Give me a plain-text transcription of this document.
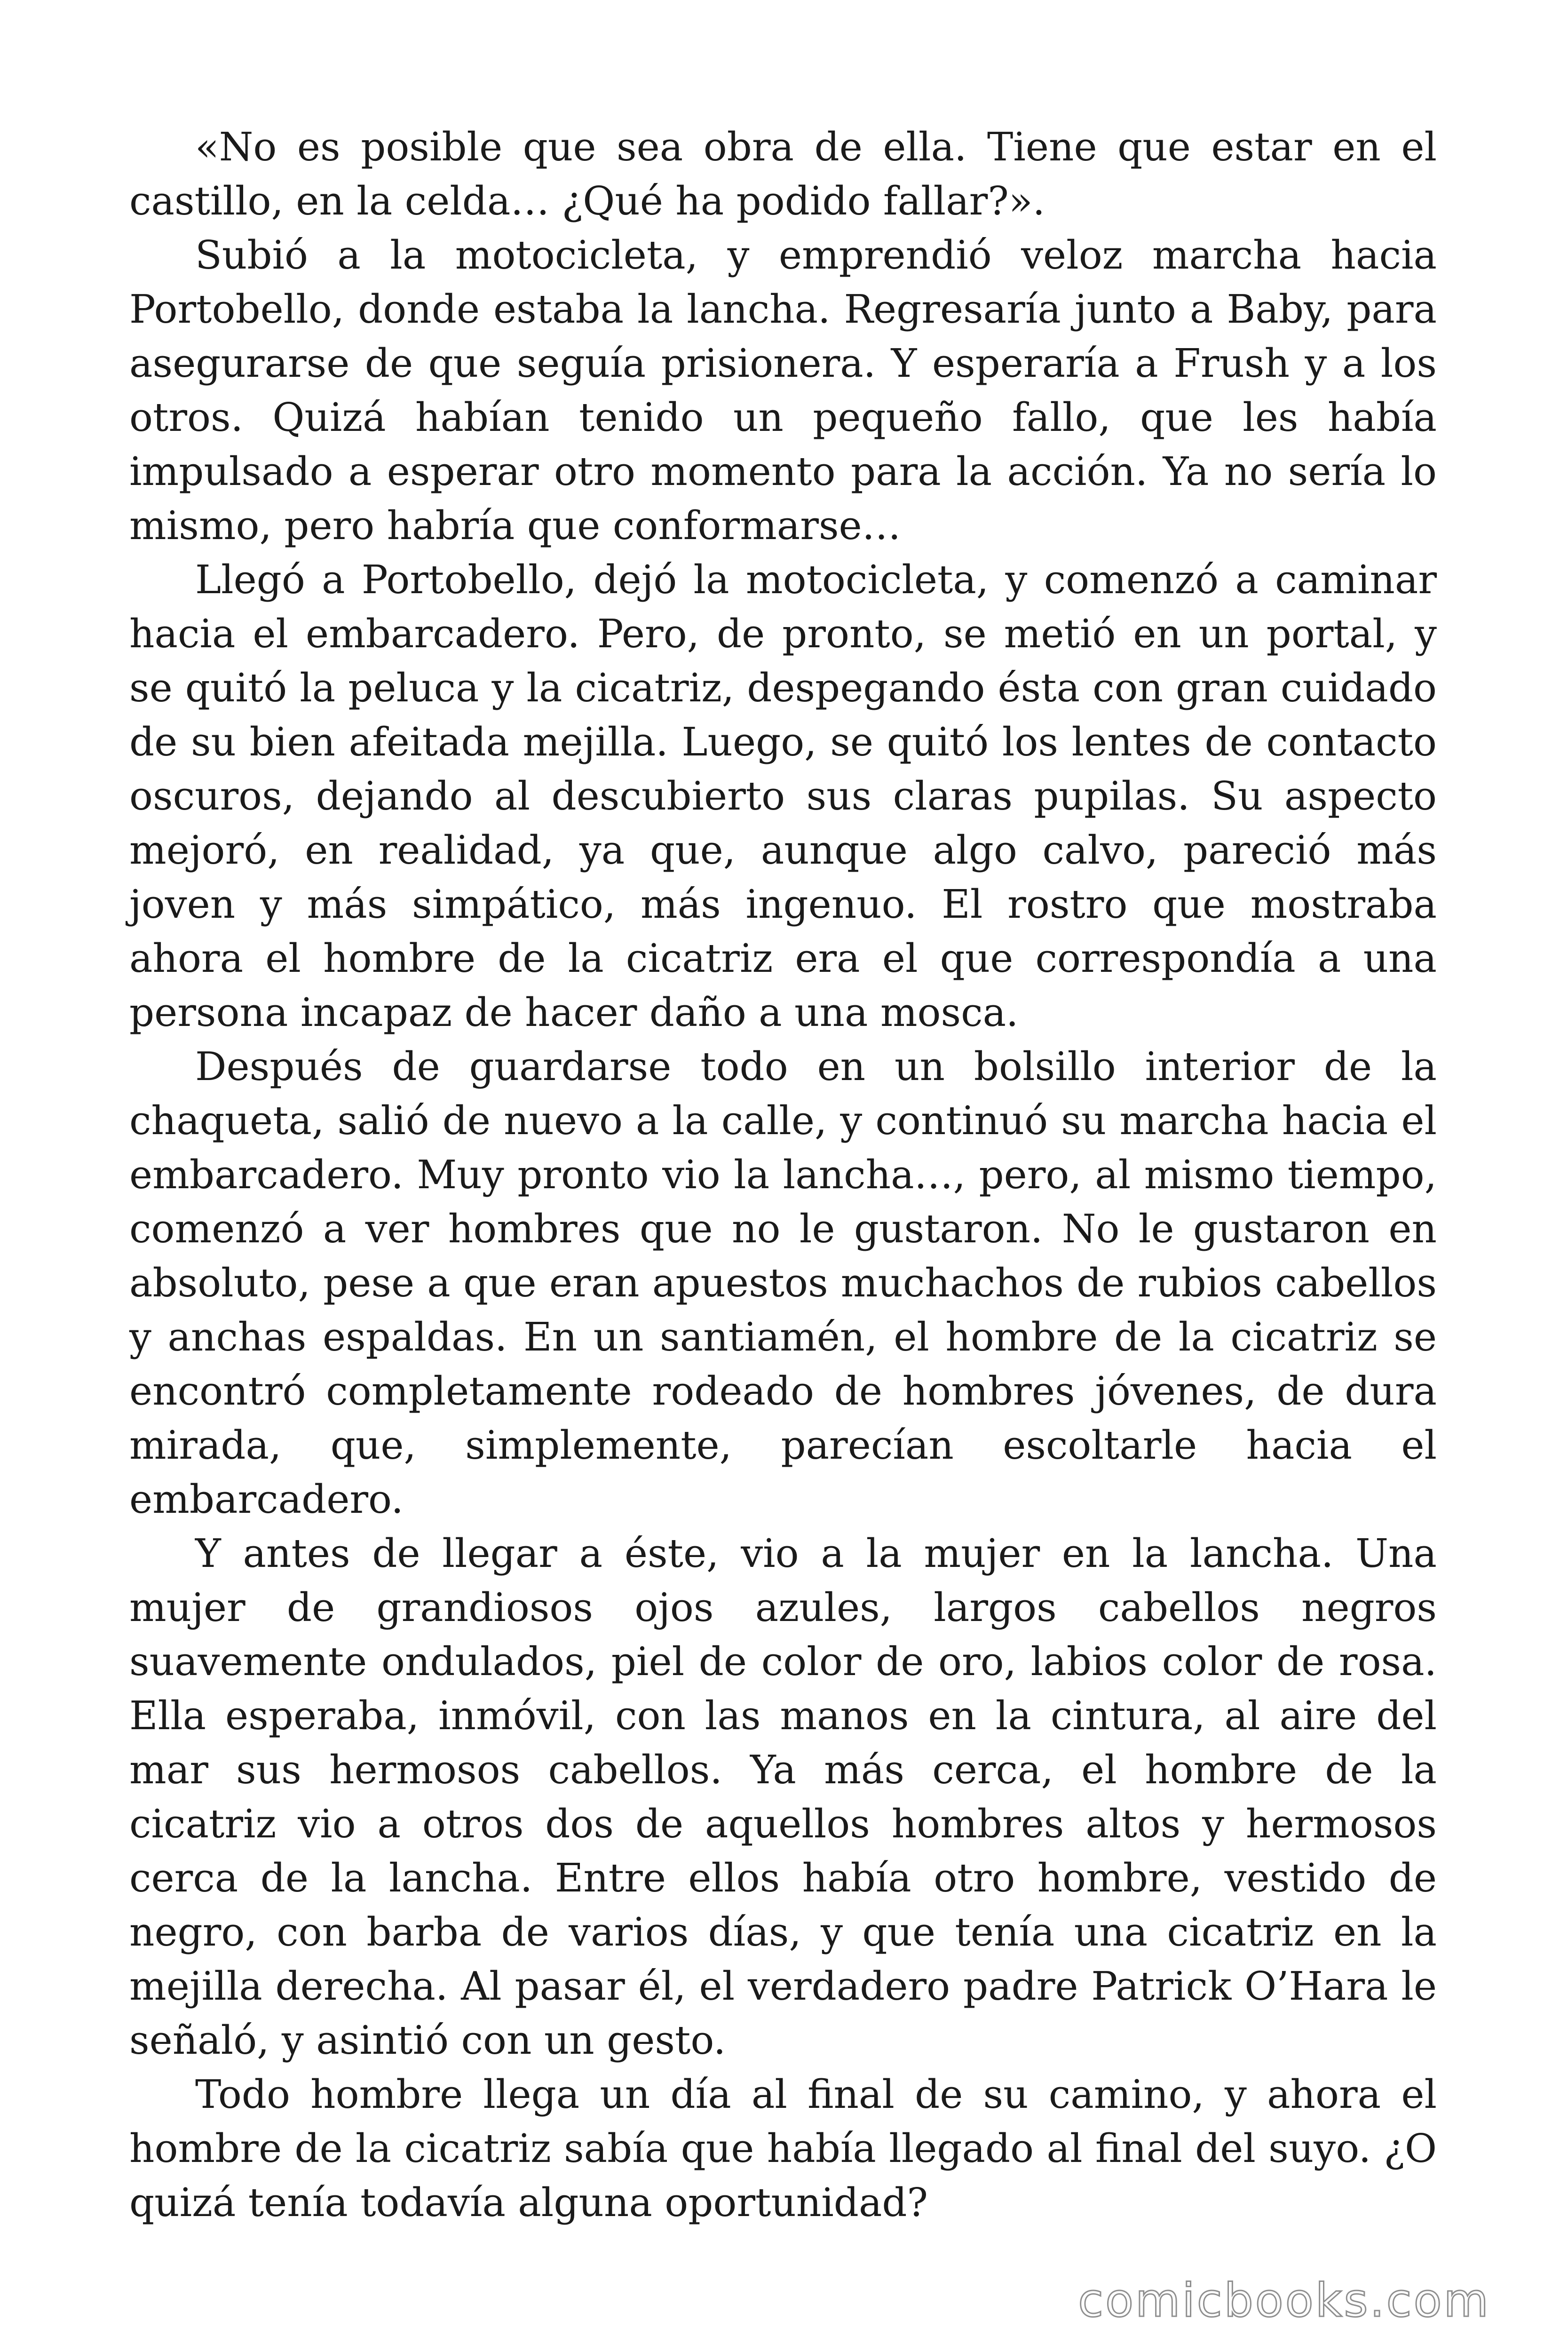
«No es posible que sea obra de ella. Tiene que estar en el castillo, en la celda… ¿Qué ha podido fallar?».

Subió a la motocicleta, y emprendió veloz marcha hacia Portobello, donde estaba la lancha. Regresaría junto a Baby, para asegurarse de que seguía prisionera. Y esperaría a Frush y a los otros. Quizá habían tenido un pequeño fallo, que les había impulsado a esperar otro momento para la acción. Ya no sería lo mismo, pero habría que conformarse…

Llegó a Portobello, dejó la motocicleta, y comenzó a caminar hacia el embarcadero. Pero, de pronto, se metió en un portal, y se quitó la peluca y la cicatriz, despegando ésta con gran cuidado de su bien afeitada mejilla. Luego, se quitó los lentes de contacto oscuros, dejando al descubierto sus claras pupilas. Su aspecto mejoró, en realidad, ya que, aunque algo calvo, pareció más joven y más simpático, más ingenuo. El rostro que mostraba ahora el hombre de la cicatriz era el que correspondía a una persona incapaz de hacer daño a una mosca.

Después de guardarse todo en un bolsillo interior de la chaqueta, salió de nuevo a la calle, y continuó su marcha hacia el embarcadero. Muy pronto vio la lancha…, pero, al mismo tiempo, comenzó a ver hombres que no le gustaron. No le gustaron en absoluto, pese a que eran apuestos muchachos de rubios cabellos y anchas espaldas. En un santiamén, el hombre de la cicatriz se encontró completamente rodeado de hombres jóvenes, de dura mirada, que, simplemente, parecían escoltarle hacia el embarcadero.

Y antes de llegar a éste, vio a la mujer en la lancha. Una mujer de grandiosos ojos azules, largos cabellos negros suavemente ondulados, piel de color de oro, labios color de rosa. Ella esperaba, inmóvil, con las manos en la cintura, al aire del mar sus hermosos cabellos. Ya más cerca, el hombre de la cicatriz vio a otros dos de aquellos hombres altos y hermosos cerca de la lancha. Entre ellos había otro hombre, vestido de negro, con barba de varios días, y que tenía una cicatriz en la mejilla derecha. Al pasar él, el verdadero padre Patrick O’Hara le señaló, y asintió con un gesto.

Todo hombre llega un día al final de su camino, y ahora el hombre de la cicatriz sabía que había llegado al final del suyo. ¿O quizá tenía todavía alguna oportunidad?

comicbooks.com
